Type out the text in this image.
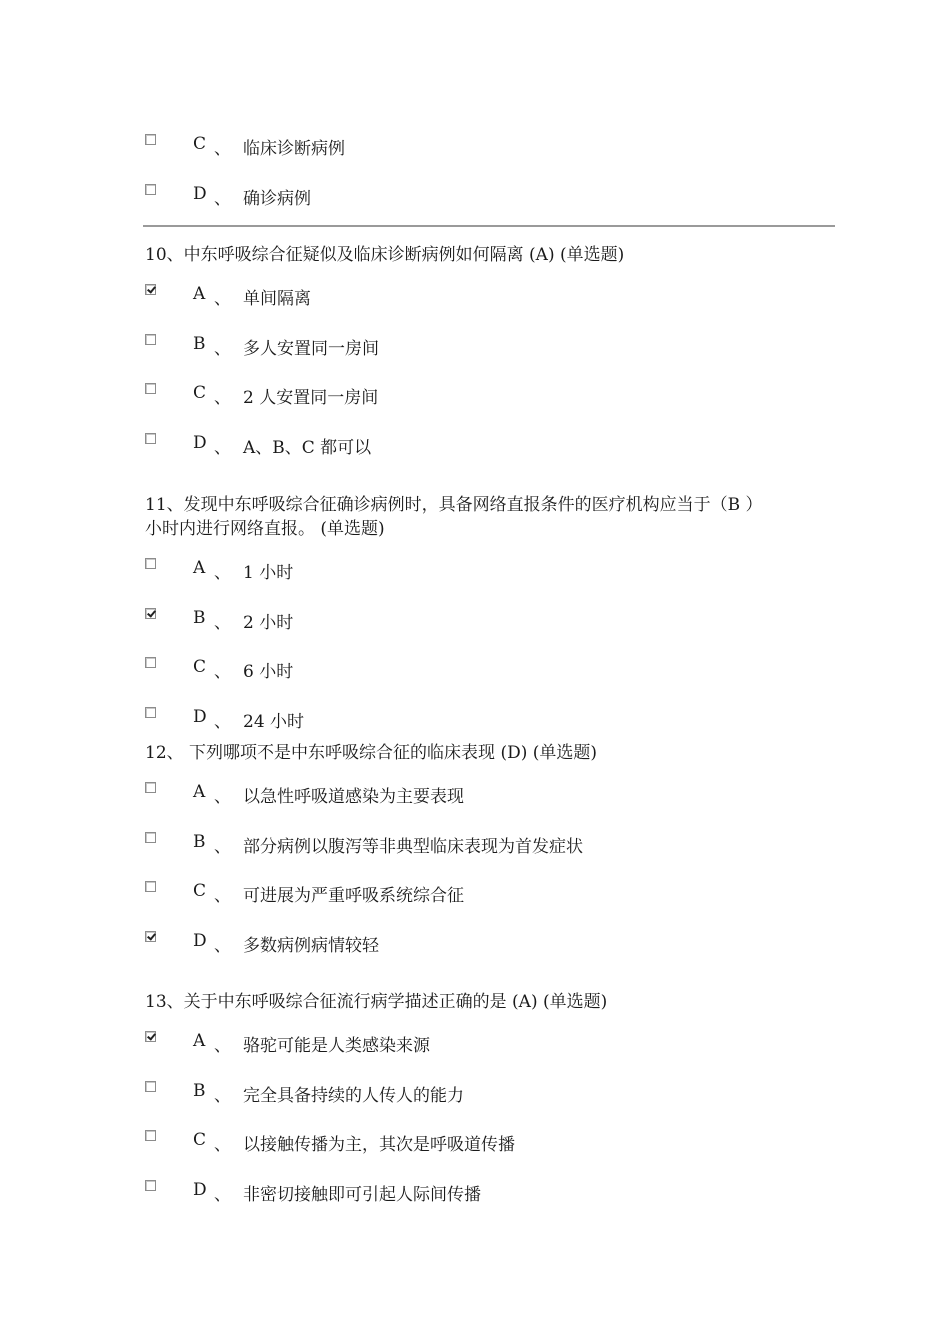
C 、 临床诊断病例
D 、 确诊病例
10、中东呼吸综合征疑似及临床诊断病例如何隔离 (A) (单选题)
A 、 单间隔离
B 、 多人安置同一房间
C 、 2 人安置同一房间
D 、 A、B、C 都可以
11、发现中东呼吸综合征确诊病例时，具备网络直报条件的医疗机构应当于（B ）
小时内进行网络直报。 (单选题)
A 、 1 小时
B 、 2 小时
C 、 6 小时
D 、 24 小时
12、 下列哪项不是中东呼吸综合征的临床表现 (D) (单选题)
A 、 以急性呼吸道感染为主要表现
B 、 部分病例以腹泻等非典型临床表现为首发症状
C 、 可进展为严重呼吸系统综合征
D 、 多数病例病情较轻
13、关于中东呼吸综合征流行病学描述正确的是 (A) (单选题)
A 、 骆驼可能是人类感染来源
B 、 完全具备持续的人传人的能力
C 、 以接触传播为主，其次是呼吸道传播
D 、 非密切接触即可引起人际间传播
